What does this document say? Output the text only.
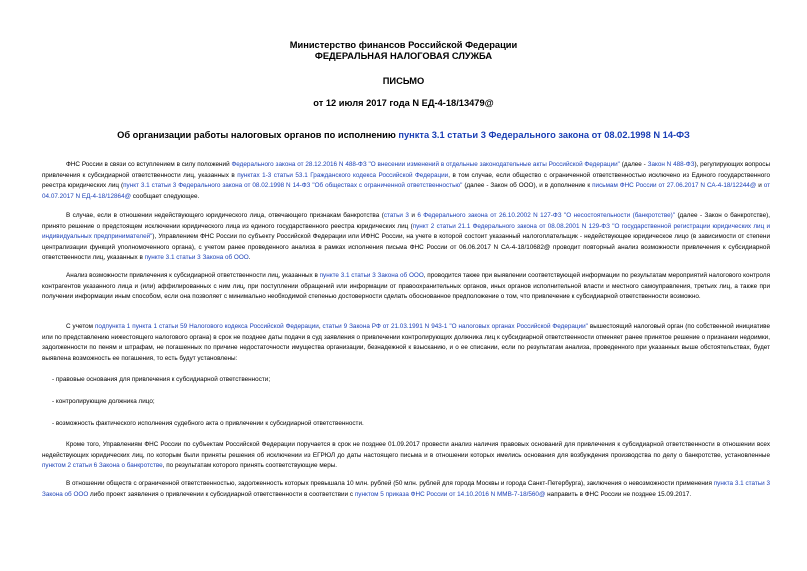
Министерство финансов Российской Федерации
ФЕДЕРАЛЬНАЯ НАЛОГОВАЯ СЛУЖБА
ПИСЬМО
от 12 июля 2017 года N ЕД-4-18/13479@
Об организации работы налоговых органов по исполнению пункта 3.1 статьи 3 Федерального закона от 08.02.1998 N 14-ФЗ

ФНС России в связи со вступлением в силу положений Федерального закона от 28.12.2016 N 488-ФЗ "О внесении изменений в отдельные законодательные акты Российской Федерации" (далее - Закон N 488-ФЗ), регулирующих вопросы привлечения к субсидиарной ответственности лиц, указанных в пунктах 1-3 статьи 53.1 Гражданского кодекса Российской Федерации, в том случае, если общество с ограниченной ответственностью исключено из Единого государственного реестра юридических лиц (пункт 3.1 статьи 3 Федерального закона от 08.02.1998 N 14-ФЗ "Об обществах с ограниченной ответственностью" (далее - Закон об ООО), и в дополнение к письмам ФНС России от 27.06.2017 N СА-4-18/12244@ и от 04.07.2017 N ЕД-4-18/12864@ сообщает следующее.

В случае, если в отношении недействующего юридического лица, отвечающего признакам банкротства (статьи 3 и 6 Федерального закона от 26.10.2002 N 127-ФЗ "О несостоятельности (банкротстве)" (далее - Закон о банкротстве), принято решение о предстоящем исключении юридического лица из единого государственного реестра юридических лиц (пункт 2 статьи 21.1 Федерального закона от 08.08.2001 N 129-ФЗ "О государственной регистрации юридических лиц и индивидуальных предпринимателей"), Управлением ФНС России по субъекту Российской Федерации или ИФНС России, на учете в которой состоит указанный налогоплательщик - недействующее юридическое лицо (в зависимости от степени централизации функций уполномоченного органа), с учетом ранее проведенного анализа в рамках исполнения письма ФНС России от 06.06.2017 N СА-4-18/10682@ проводит повторный анализ возможности привлечения к субсидиарной ответственности лиц, указанных в пункте 3.1 статьи 3 Закона об ООО.

Анализ возможности привлечения к субсидиарной ответственности лиц, указанных в пункте 3.1 статьи 3 Закона об ООО, проводится также при выявлении соответствующей информации по результатам мероприятий налогового контроля контрагентов указанного лица и (или) аффилированных с ним лиц, при поступлении обращений или информации от правоохранительных органов, иных органов исполнительной власти и местного самоуправления, третьих лиц, а также при получении информации иным способом, если она позволяет с минимально необходимой степенью достоверности сделать обоснованное предположение о том, что привлечение к субсидиарной ответственности возможно.

С учетом подпункта 1 пункта 1 статьи 59 Налогового кодекса Российской Федерации, статьи 9 Закона РФ от 21.03.1991 N 943-1 "О налоговых органах Российской Федерации" вышестоящий налоговый орган (по собственной инициативе или по представлению нижестоящего налогового органа) в срок не позднее даты подачи в суд заявления о привлечении контролирующих должника лиц к субсидиарной ответственности отменяет ранее принятое решение о признании недоимки, задолженности по пеням и штрафам, не погашенных по причине недостаточности имущества организации, безнадежной к взысканию, и о ее списании, если по результатам анализа, проведенного при указанных выше обстоятельствах, будет выявлена возможность ее погашения, то есть будут установлены:

- правовые основания для привлечения к субсидиарной ответственности;
- контролирующие должника лицо;
- возможность фактического исполнения судебного акта о привлечении к субсидиарной ответственности.

Кроме того, Управлениям ФНС России по субъектам Российской Федерации поручается в срок не позднее 01.09.2017 провести анализ наличия правовых оснований для привлечения к субсидиарной ответственности в отношении всех недействующих юридических лиц, по которым были приняты решения об исключении из ЕГРЮЛ до даты настоящего письма и в отношении которых имелись основания для возбуждения производства по делу о банкротстве, установленные пунктом 2 статьи 6 Закона о банкротстве, по результатам которого принять соответствующие меры.

В отношении обществ с ограниченной ответственностью, задолженность которых превышала 10 млн. рублей (50 млн. рублей для города Москвы и города Санкт-Петербурга), заключения о невозможности применения пункта 3.1 статьи 3 Закона об ООО либо проект заявления о привлечении к субсидиарной ответственности в соответствии с пунктом 5 приказа ФНС России от 14.10.2016 N ММВ-7-18/560@ направить в ФНС России не позднее 15.09.2017.
